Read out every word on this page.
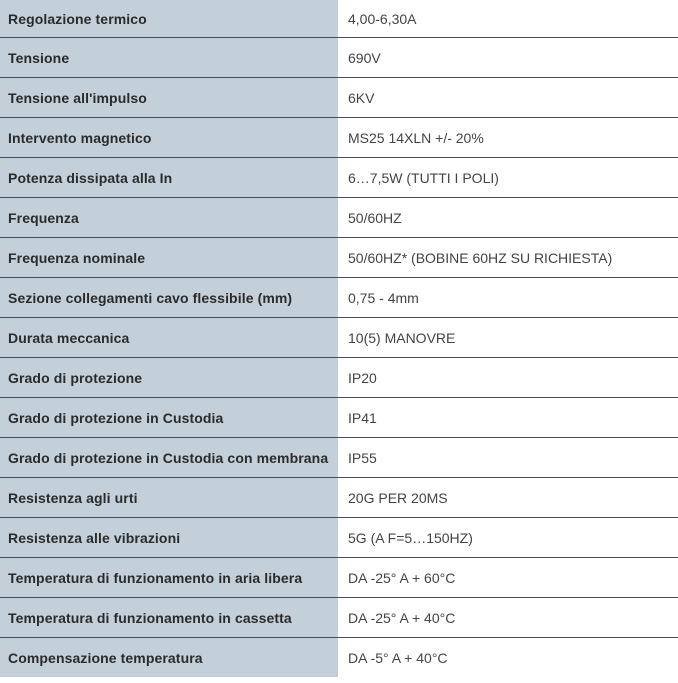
Regolazione termico	4,00-6,30A
Tensione	690V
Tensione all'impulso	6KV
Intervento magnetico	MS25 14XLN +/- 20%
Potenza dissipata alla In	6…7,5W (TUTTI I POLI)
Frequenza	50/60HZ
Frequenza nominale	50/60HZ* (BOBINE 60HZ SU RICHIESTA)
Sezione collegamenti cavo flessibile (mm)	0,75 - 4mm
Durata meccanica	10(5) MANOVRE
Grado di protezione	IP20
Grado di protezione in Custodia	IP41
Grado di protezione in Custodia con membrana	IP55
Resistenza agli urti	20G PER 20MS
Resistenza alle vibrazioni	5G (A F=5…150HZ)
Temperatura di funzionamento in aria libera	DA -25° A + 60°C
Temperatura di funzionamento in cassetta	DA -25° A + 40°C
Compensazione temperatura	DA -5° A + 40°C
